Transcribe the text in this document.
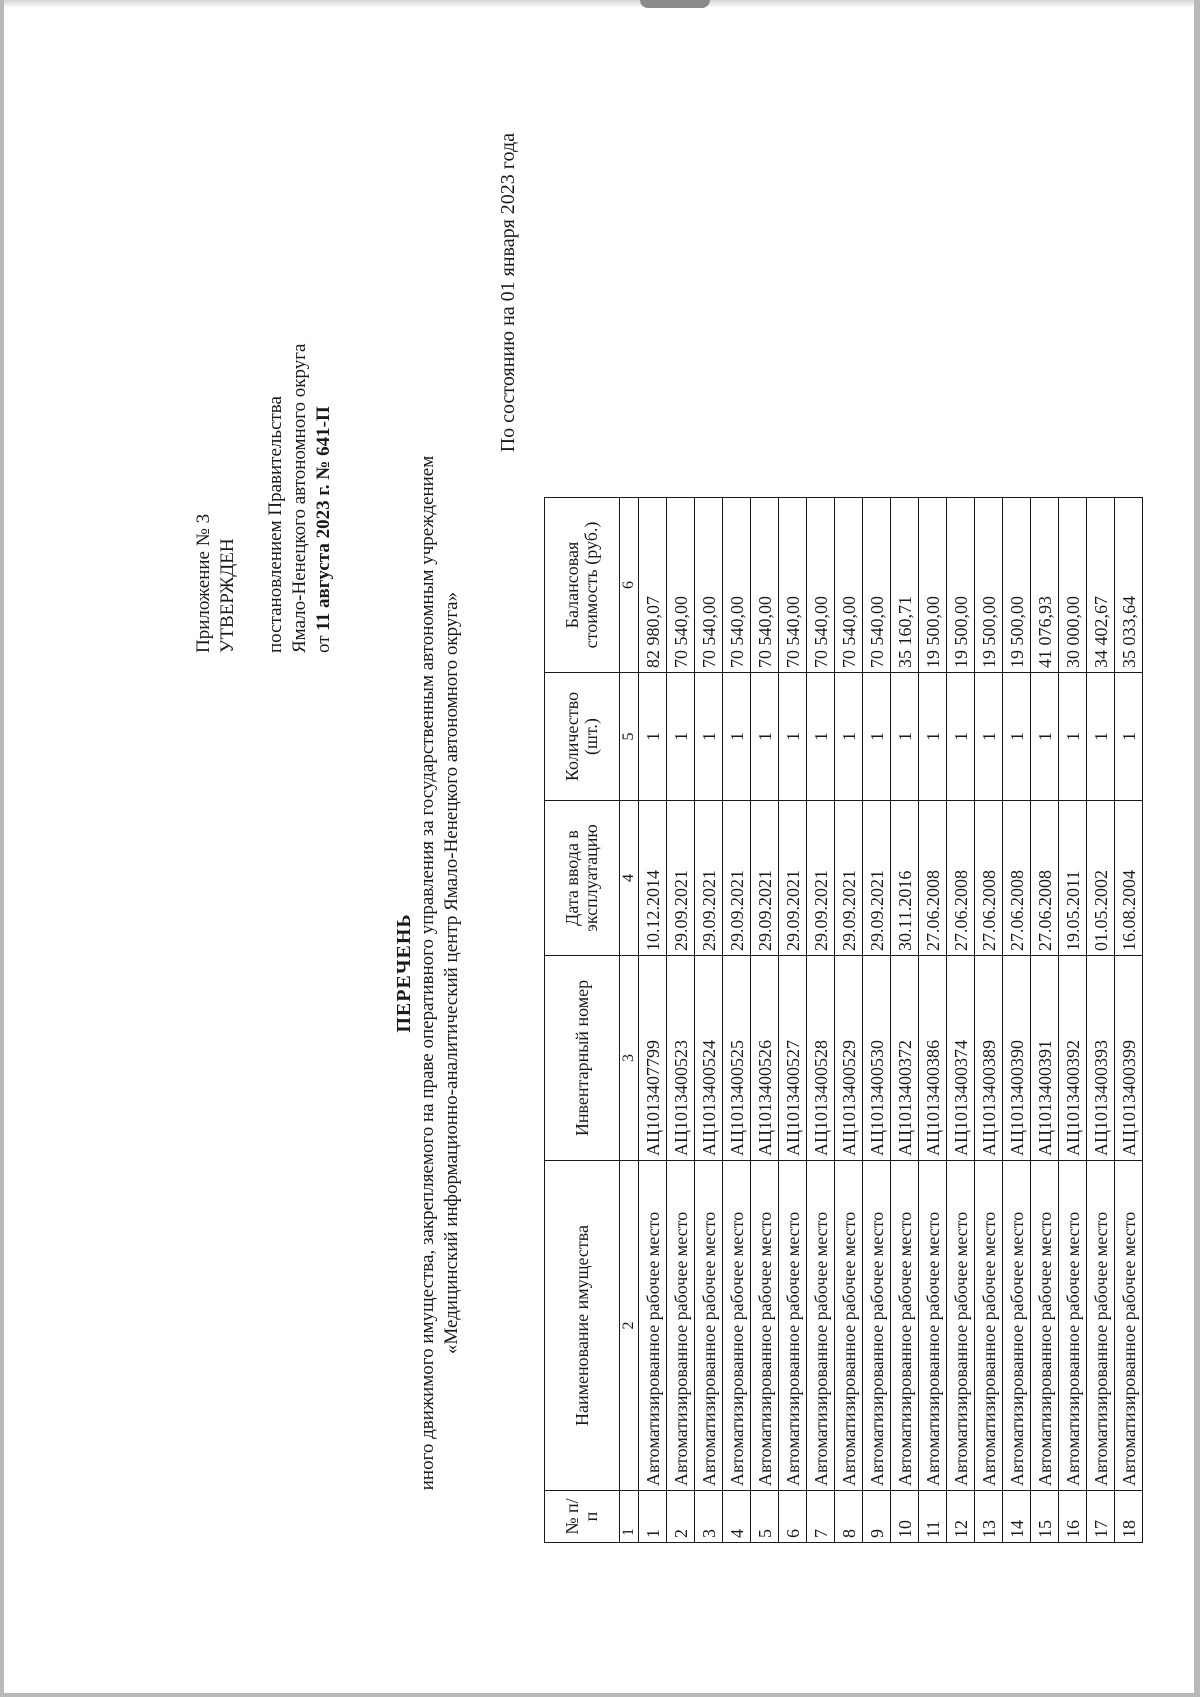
Приложение № 3 УТВЕРЖДЕН постановлением Правительства Ямало-Ненецкого автономного округа от 11 августа 2023 г. № 641-П
ПЕРЕЧЕНЬ иного движимого имущества, закрепляемого на праве оперативного управления за государственным автономным учреждением «Медицинский информационно-аналитический центр Ямало-Ненецкого автономного округа»
По состоянию на 01 января 2023 года
№ п/п	Наименование имущества	Инвентарный номер	Дата ввода в эксплуатацию	Количество (шт.)	Балансовая стоимость (руб.)
1	2	3	4	5	6
1	Автоматизированное рабочее место	АЦ1013407799	10.12.2014	1	82 980,07
2	Автоматизированное рабочее место	АЦ1013400523	29.09.2021	1	70 540,00
3	Автоматизированное рабочее место	АЦ1013400524	29.09.2021	1	70 540,00
4	Автоматизированное рабочее место	АЦ1013400525	29.09.2021	1	70 540,00
5	Автоматизированное рабочее место	АЦ1013400526	29.09.2021	1	70 540,00
6	Автоматизированное рабочее место	АЦ1013400527	29.09.2021	1	70 540,00
7	Автоматизированное рабочее место	АЦ1013400528	29.09.2021	1	70 540,00
8	Автоматизированное рабочее место	АЦ1013400529	29.09.2021	1	70 540,00
9	Автоматизированное рабочее место	АЦ1013400530	29.09.2021	1	70 540,00
10	Автоматизированное рабочее место	АЦ1013400372	30.11.2016	1	35 160,71
11	Автоматизированное рабочее место	АЦ1013400386	27.06.2008	1	19 500,00
12	Автоматизированное рабочее место	АЦ1013400374	27.06.2008	1	19 500,00
13	Автоматизированное рабочее место	АЦ1013400389	27.06.2008	1	19 500,00
14	Автоматизированное рабочее место	АЦ1013400390	27.06.2008	1	19 500,00
15	Автоматизированное рабочее место	АЦ1013400391	27.06.2008	1	41 076,93
16	Автоматизированное рабочее место	АЦ1013400392	19.05.2011	1	30 000,00
17	Автоматизированное рабочее место	АЦ1013400393	01.05.2002	1	34 402,67
18	Автоматизированное рабочее место	АЦ1013400399	16.08.2004	1	35 033,64
